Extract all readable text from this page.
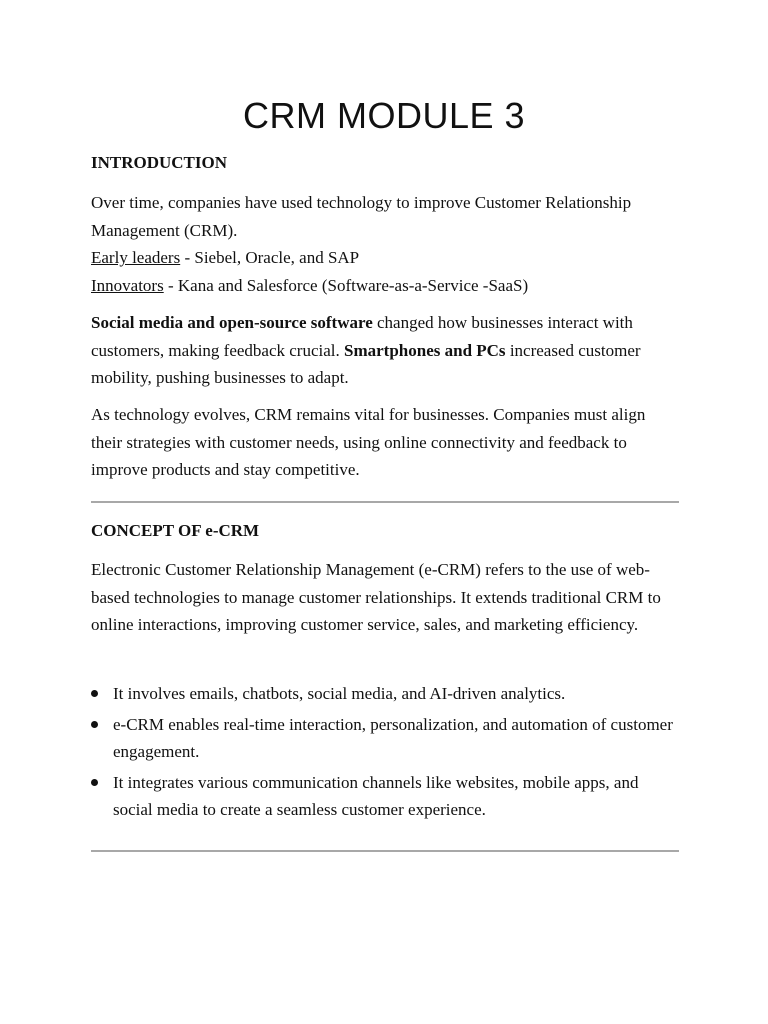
CRM MODULE 3
INTRODUCTION

Over time, companies have used technology to improve Customer Relationship Management (CRM).
Early leaders - Siebel, Oracle, and SAP
Innovators - Kana and Salesforce (Software-as-a-Service -SaaS)

Social media and open-source software changed how businesses interact with customers, making feedback crucial. Smartphones and PCs increased customer mobility, pushing businesses to adapt.

As technology evolves, CRM remains vital for businesses. Companies must align their strategies with customer needs, using online connectivity and feedback to improve products and stay competitive.

CONCEPT OF e-CRM

Electronic Customer Relationship Management (e-CRM) refers to the use of web-based technologies to manage customer relationships. It extends traditional CRM to online interactions, improving customer service, sales, and marketing efficiency.

It involves emails, chatbots, social media, and AI-driven analytics.
e-CRM enables real-time interaction, personalization, and automation of customer engagement.
It integrates various communication channels like websites, mobile apps, and social media to create a seamless customer experience.
